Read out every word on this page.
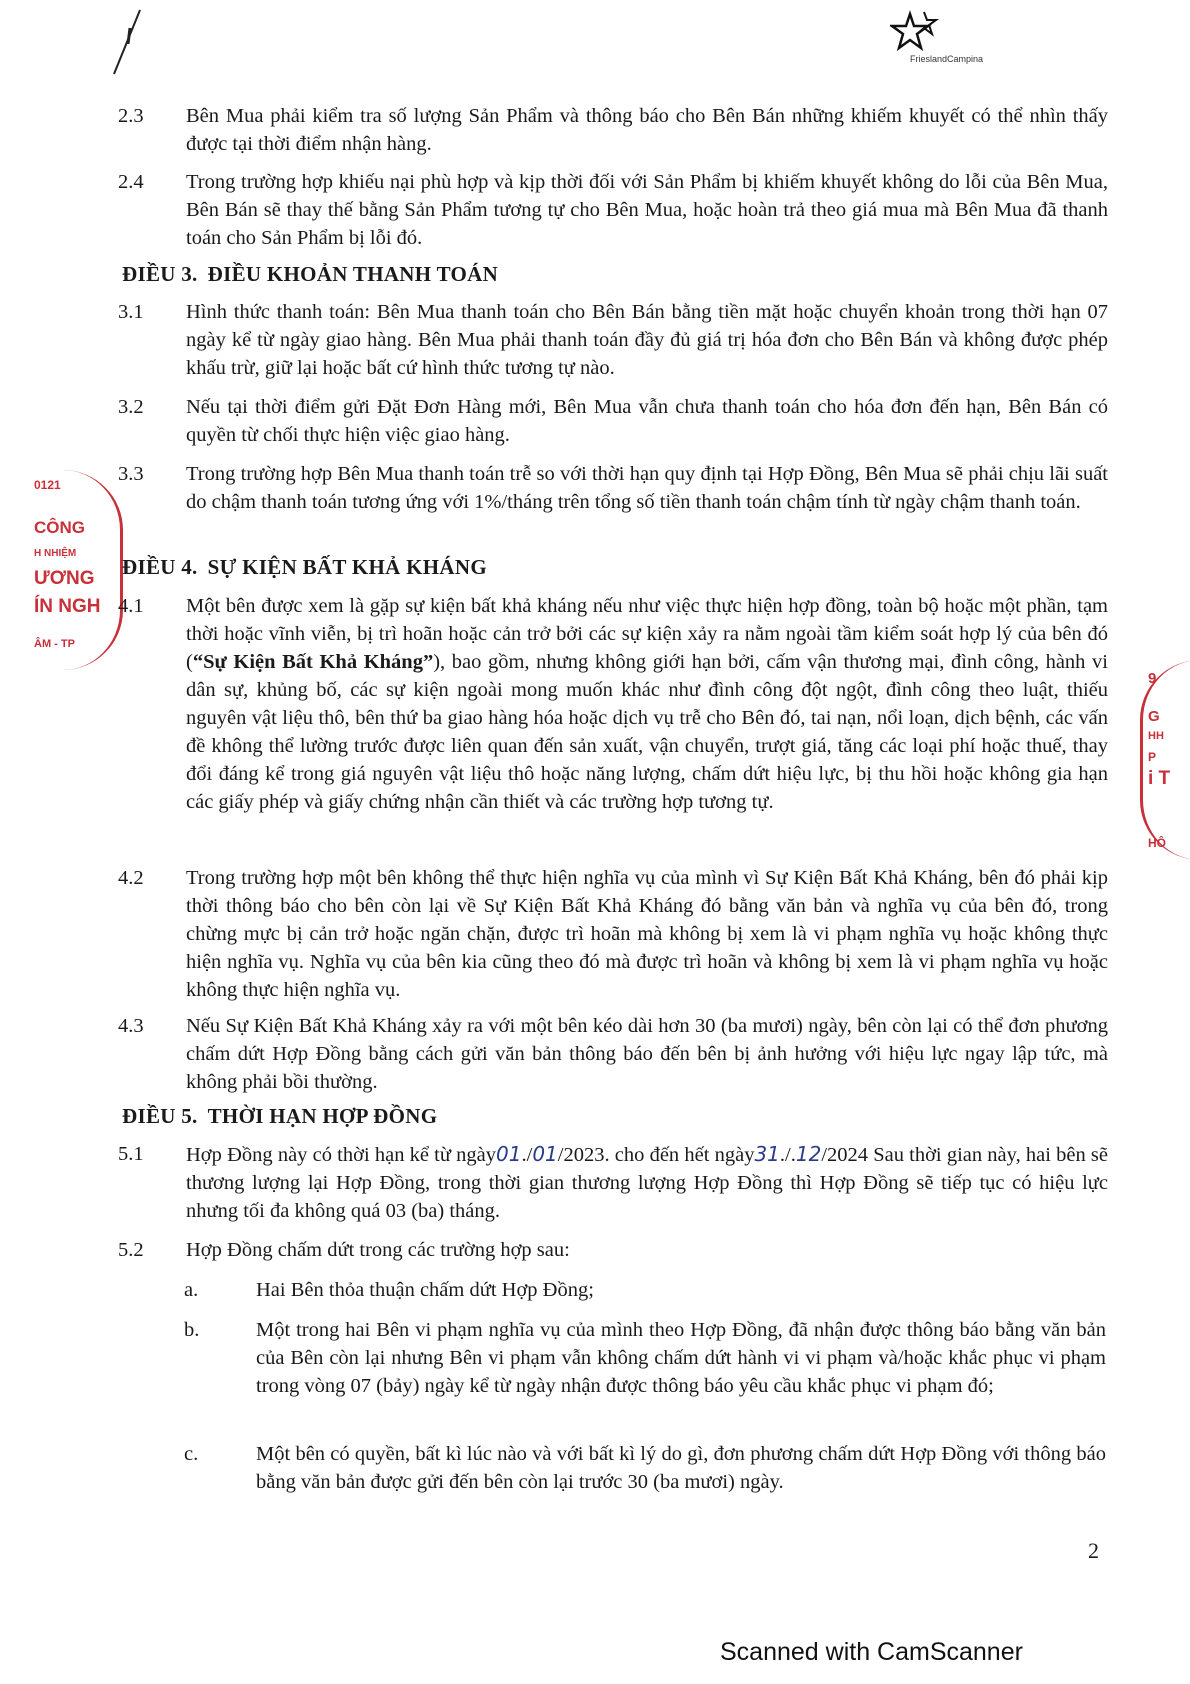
FrieslandCampina
0121
CÔNG
H NHIỆM
ƯƠNG
ÍN NGH
ÂM - TP
9
G
HH
P
i T
HÔ
2.3 Bên Mua phải kiểm tra số lượng Sản Phẩm và thông báo cho Bên Bán những khiếm khuyết có thể nhìn thấy được tại thời điểm nhận hàng.
2.4 Trong trường hợp khiếu nại phù hợp và kịp thời đối với Sản Phẩm bị khiếm khuyết không do lỗi của Bên Mua, Bên Bán sẽ thay thế bằng Sản Phẩm tương tự cho Bên Mua, hoặc hoàn trả theo giá mua mà Bên Mua đã thanh toán cho Sản Phẩm bị lỗi đó.
ĐIỀU 3. ĐIỀU KHOẢN THANH TOÁN
3.1 Hình thức thanh toán: Bên Mua thanh toán cho Bên Bán bằng tiền mặt hoặc chuyển khoản trong thời hạn 07 ngày kể từ ngày giao hàng. Bên Mua phải thanh toán đầy đủ giá trị hóa đơn cho Bên Bán và không được phép khấu trừ, giữ lại hoặc bất cứ hình thức tương tự nào.
3.2 Nếu tại thời điểm gửi Đặt Đơn Hàng mới, Bên Mua vẫn chưa thanh toán cho hóa đơn đến hạn, Bên Bán có quyền từ chối thực hiện việc giao hàng.
3.3 Trong trường hợp Bên Mua thanh toán trễ so với thời hạn quy định tại Hợp Đồng, Bên Mua sẽ phải chịu lãi suất do chậm thanh toán tương ứng với 1%/tháng trên tổng số tiền thanh toán chậm tính từ ngày chậm thanh toán.
ĐIỀU 4. SỰ KIỆN BẤT KHẢ KHÁNG
4.1 Một bên được xem là gặp sự kiện bất khả kháng nếu như việc thực hiện hợp đồng, toàn bộ hoặc một phần, tạm thời hoặc vĩnh viễn, bị trì hoãn hoặc cản trở bởi các sự kiện xảy ra nằm ngoài tầm kiểm soát hợp lý của bên đó (“Sự Kiện Bất Khả Kháng”), bao gồm, nhưng không giới hạn bởi, cấm vận thương mại, đình công, hành vi dân sự, khủng bố, các sự kiện ngoài mong muốn khác như đình công đột ngột, đình công theo luật, thiếu nguyên vật liệu thô, bên thứ ba giao hàng hóa hoặc dịch vụ trễ cho Bên đó, tai nạn, nổi loạn, dịch bệnh, các vấn đề không thể lường trước được liên quan đến sản xuất, vận chuyển, trượt giá, tăng các loại phí hoặc thuế, thay đổi đáng kể trong giá nguyên vật liệu thô hoặc năng lượng, chấm dứt hiệu lực, bị thu hồi hoặc không gia hạn các giấy phép và giấy chứng nhận cần thiết và các trường hợp tương tự.
4.2 Trong trường hợp một bên không thể thực hiện nghĩa vụ của mình vì Sự Kiện Bất Khả Kháng, bên đó phải kịp thời thông báo cho bên còn lại về Sự Kiện Bất Khả Kháng đó bằng văn bản và nghĩa vụ của bên đó, trong chừng mực bị cản trở hoặc ngăn chặn, được trì hoãn mà không bị xem là vi phạm nghĩa vụ hoặc không thực hiện nghĩa vụ. Nghĩa vụ của bên kia cũng theo đó mà được trì hoãn và không bị xem là vi phạm nghĩa vụ hoặc không thực hiện nghĩa vụ.
4.3 Nếu Sự Kiện Bất Khả Kháng xảy ra với một bên kéo dài hơn 30 (ba mươi) ngày, bên còn lại có thể đơn phương chấm dứt Hợp Đồng bằng cách gửi văn bản thông báo đến bên bị ảnh hưởng với hiệu lực ngay lập tức, mà không phải bồi thường.
ĐIỀU 5. THỜI HẠN HỢP ĐỒNG
5.1 Hợp Đồng này có thời hạn kể từ ngày01./01/2023. cho đến hết ngày31./.12/2024 Sau thời gian này, hai bên sẽ thương lượng lại Hợp Đồng, trong thời gian thương lượng Hợp Đồng thì Hợp Đồng sẽ tiếp tục có hiệu lực nhưng tối đa không quá 03 (ba) tháng.
5.2 Hợp Đồng chấm dứt trong các trường hợp sau:
a.	Hai Bên thỏa thuận chấm dứt Hợp Đồng;
b.	Một trong hai Bên vi phạm nghĩa vụ của mình theo Hợp Đồng, đã nhận được thông báo bằng văn bản của Bên còn lại nhưng Bên vi phạm vẫn không chấm dứt hành vi vi phạm và/hoặc khắc phục vi phạm trong vòng 07 (bảy) ngày kể từ ngày nhận được thông báo yêu cầu khắc phục vi phạm đó;
c.	Một bên có quyền, bất kì lúc nào và với bất kì lý do gì, đơn phương chấm dứt Hợp Đồng với thông báo bằng văn bản được gửi đến bên còn lại trước 30 (ba mươi) ngày.
2
Scanned with CamScanner
